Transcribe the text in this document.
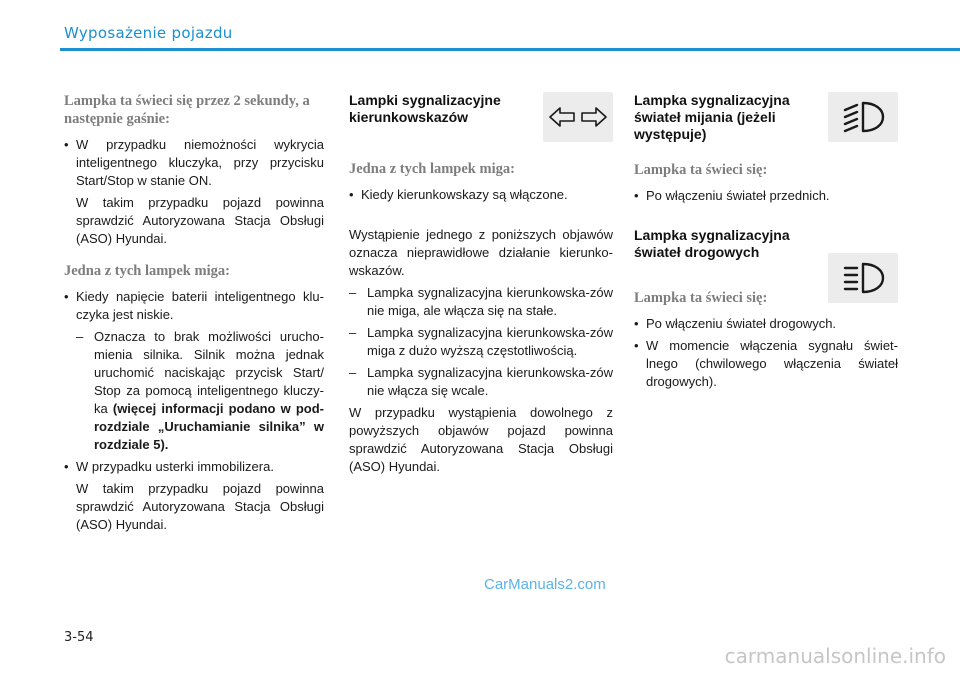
Wyposażenie pojazdu

Lampka ta świeci się przez 2 sekundy, a następnie gaśnie:

• W przypadku niemożności wykrycia inteligentnego kluczyka, przy przycisku Start/Stop w stanie ON.

W takim przypadku pojazd powinna sprawdzić Autoryzowana Stacja Obsługi (ASO) Hyundai.

Jedna z tych lampek miga:

• Kiedy napięcie baterii inteligentnego klu-czyka jest niskie.
– Oznacza to brak możliwości urucho-mienia silnika. Silnik można jednak uruchomić naciskając przycisk Start/ Stop za pomocą inteligentnego kluczy-ka (więcej informacji podano w pod-rozdziale „Uruchamianie silnika” w rozdziale 5).
• W przypadku usterki immobilizera.

W takim przypadku pojazd powinna sprawdzić Autoryzowana Stacja Obsługi (ASO) Hyundai.

Lampki sygnalizacyjne kierunkowskazów

Jedna z tych lampek miga:

• Kiedy kierunkowskazy są włączone.

Wystąpienie jednego z poniższych objawów oznacza nieprawidłowe działanie kierunko-wskazów.

– Lampka sygnalizacyjna kierunkowska-zów nie miga, ale włącza się na stałe.
– Lampka sygnalizacyjna kierunkowska-zów miga z dużo wyższą częstotliwością.
– Lampka sygnalizacyjna kierunkowska-zów nie włącza się wcale.

W przypadku wystąpienia dowolnego z powyższych objawów pojazd powinna sprawdzić Autoryzowana Stacja Obsługi (ASO) Hyundai.

Lampka sygnalizacyjna świateł mijania (jeżeli występuje)

Lampka ta świeci się:

• Po włączeniu świateł przednich.

Lampka sygnalizacyjna świateł drogowych

Lampka ta świeci się:

• Po włączeniu świateł drogowych.
• W momencie włączenia sygnału świet-lnego (chwilowego włączenia świateł drogowych).
CarManuals2.com
3-54
carmanualsonline.info
